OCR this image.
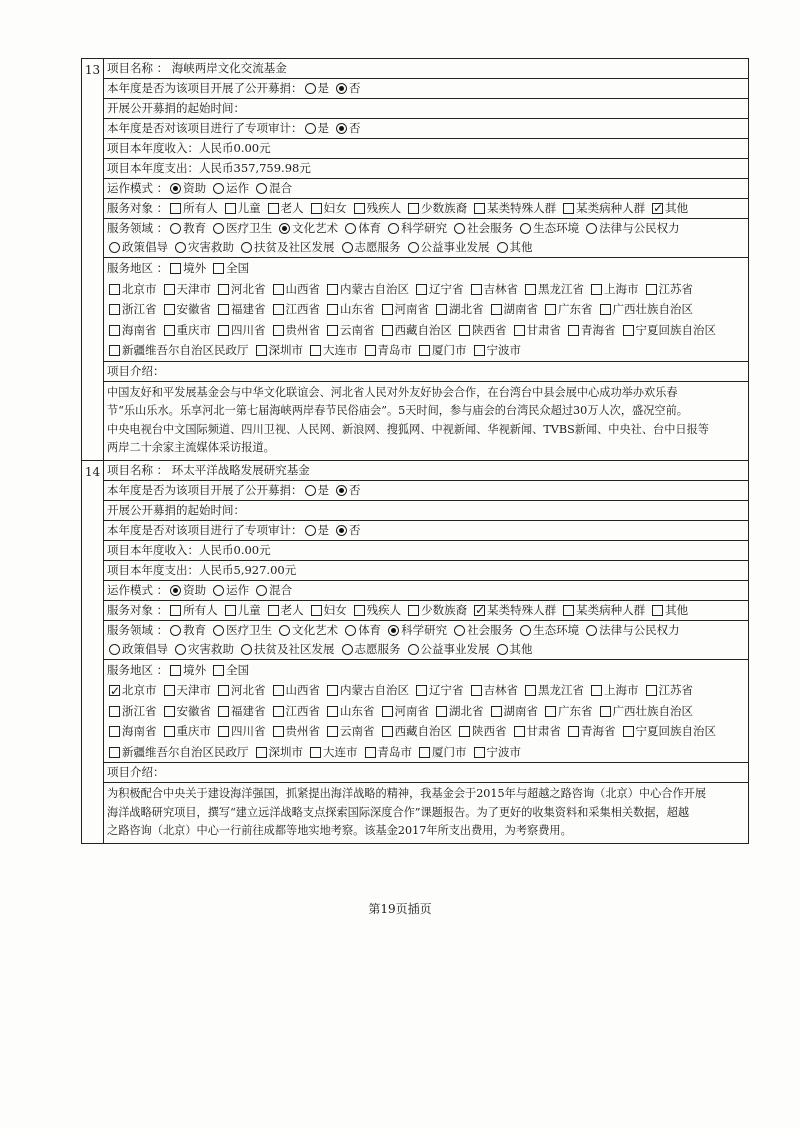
13 项目名称 ： 海峡两岸文化交流基金
本年度是否为该项目开展了公开募捐： 是 否
开展公开募捐的起始时间：
本年度是否对该项目进行了专项审计： 是 否
项目本年度收入：人民币0.00元
项目本年度支出：人民币357,759.98元
运作模式 ： 资助 运作 混合
服务对象 ： 所有人 儿童 老人 妇女 残疾人 少数族裔 某类特殊人群 某类病种人群 ✓ 其他
服务领域 ： 教育 医疗卫生 文化艺术 体育 科学研究 社会服务 生态环境 法律与公民权力政策倡导 灾害救助 扶贫及社区发展 志愿服务 公益事业发展 其他
服务地区 ： 境外 全国
北京市 天津市 河北省 山西省 内蒙古自治区 辽宁省 吉林省 黑龙江省 上海市 江苏省浙江省 安徽省 福建省 江西省 山东省 河南省 湖北省 湖南省 广东省 广西壮族自治区海南省 重庆市 四川省 贵州省 云南省 西藏自治区 陕西省 甘肃省 青海省 宁夏回族自治区新疆维吾尔自治区民政厅 深圳市 大连市 青岛市 厦门市 宁波市
项目介绍：
中国友好和平发展基金会与中华文化联谊会、河北省人民对外友好协会合作，在台湾台中县会展中心成功举办欢乐春
节“乐山乐水。乐享河北一第七届海峡两岸春节民俗庙会”。5天时间，参与庙会的台湾民众超过30万人次，盛况空前。
中央电视台中文国际频道、四川卫视、人民网、新浪网、搜狐网、中视新闻、华视新闻、TVBS新闻、中央社、台中日报等
两岸二十余家主流媒体采访报道。
14 项目名称 ： 环太平洋战略发展研究基金
本年度是否为该项目开展了公开募捐： 是 否
开展公开募捐的起始时间：
本年度是否对该项目进行了专项审计： 是 否
项目本年度收入：人民币0.00元
项目本年度支出：人民币5,927.00元
运作模式 ： 资助 运作 混合
服务对象 ： 所有人 儿童 老人 妇女 残疾人 少数族裔 ✓ 某类特殊人群 某类病种人群 其他
服务领域 ： 教育 医疗卫生 文化艺术 体育 科学研究 社会服务 生态环境 法律与公民权力政策倡导 灾害救助 扶贫及社区发展 志愿服务 公益事业发展 其他
服务地区 ： 境外 全国
✓北京市 天津市 河北省 山西省 内蒙古自治区 辽宁省 吉林省 黑龙江省 上海市 江苏省浙江省 安徽省 福建省 江西省 山东省 河南省 湖北省 湖南省 广东省 广西壮族自治区海南省 重庆市 四川省 贵州省 云南省 西藏自治区 陕西省 甘肃省 青海省 宁夏回族自治区新疆维吾尔自治区民政厅 深圳市 大连市 青岛市 厦门市 宁波市
项目介绍：
为积极配合中央关于建设海洋强国，抓紧提出海洋战略的精神，我基金会于2015年与超越之路咨询（北京）中心合作开展
海洋战略研究项目，撰写“建立远洋战略支点探索国际深度合作”课题报告。为了更好的收集资料和采集相关数据，超越
之路咨询（北京）中心一行前往成都等地实地考察。该基金2017年所支出费用，为考察费用。
第19页插页
